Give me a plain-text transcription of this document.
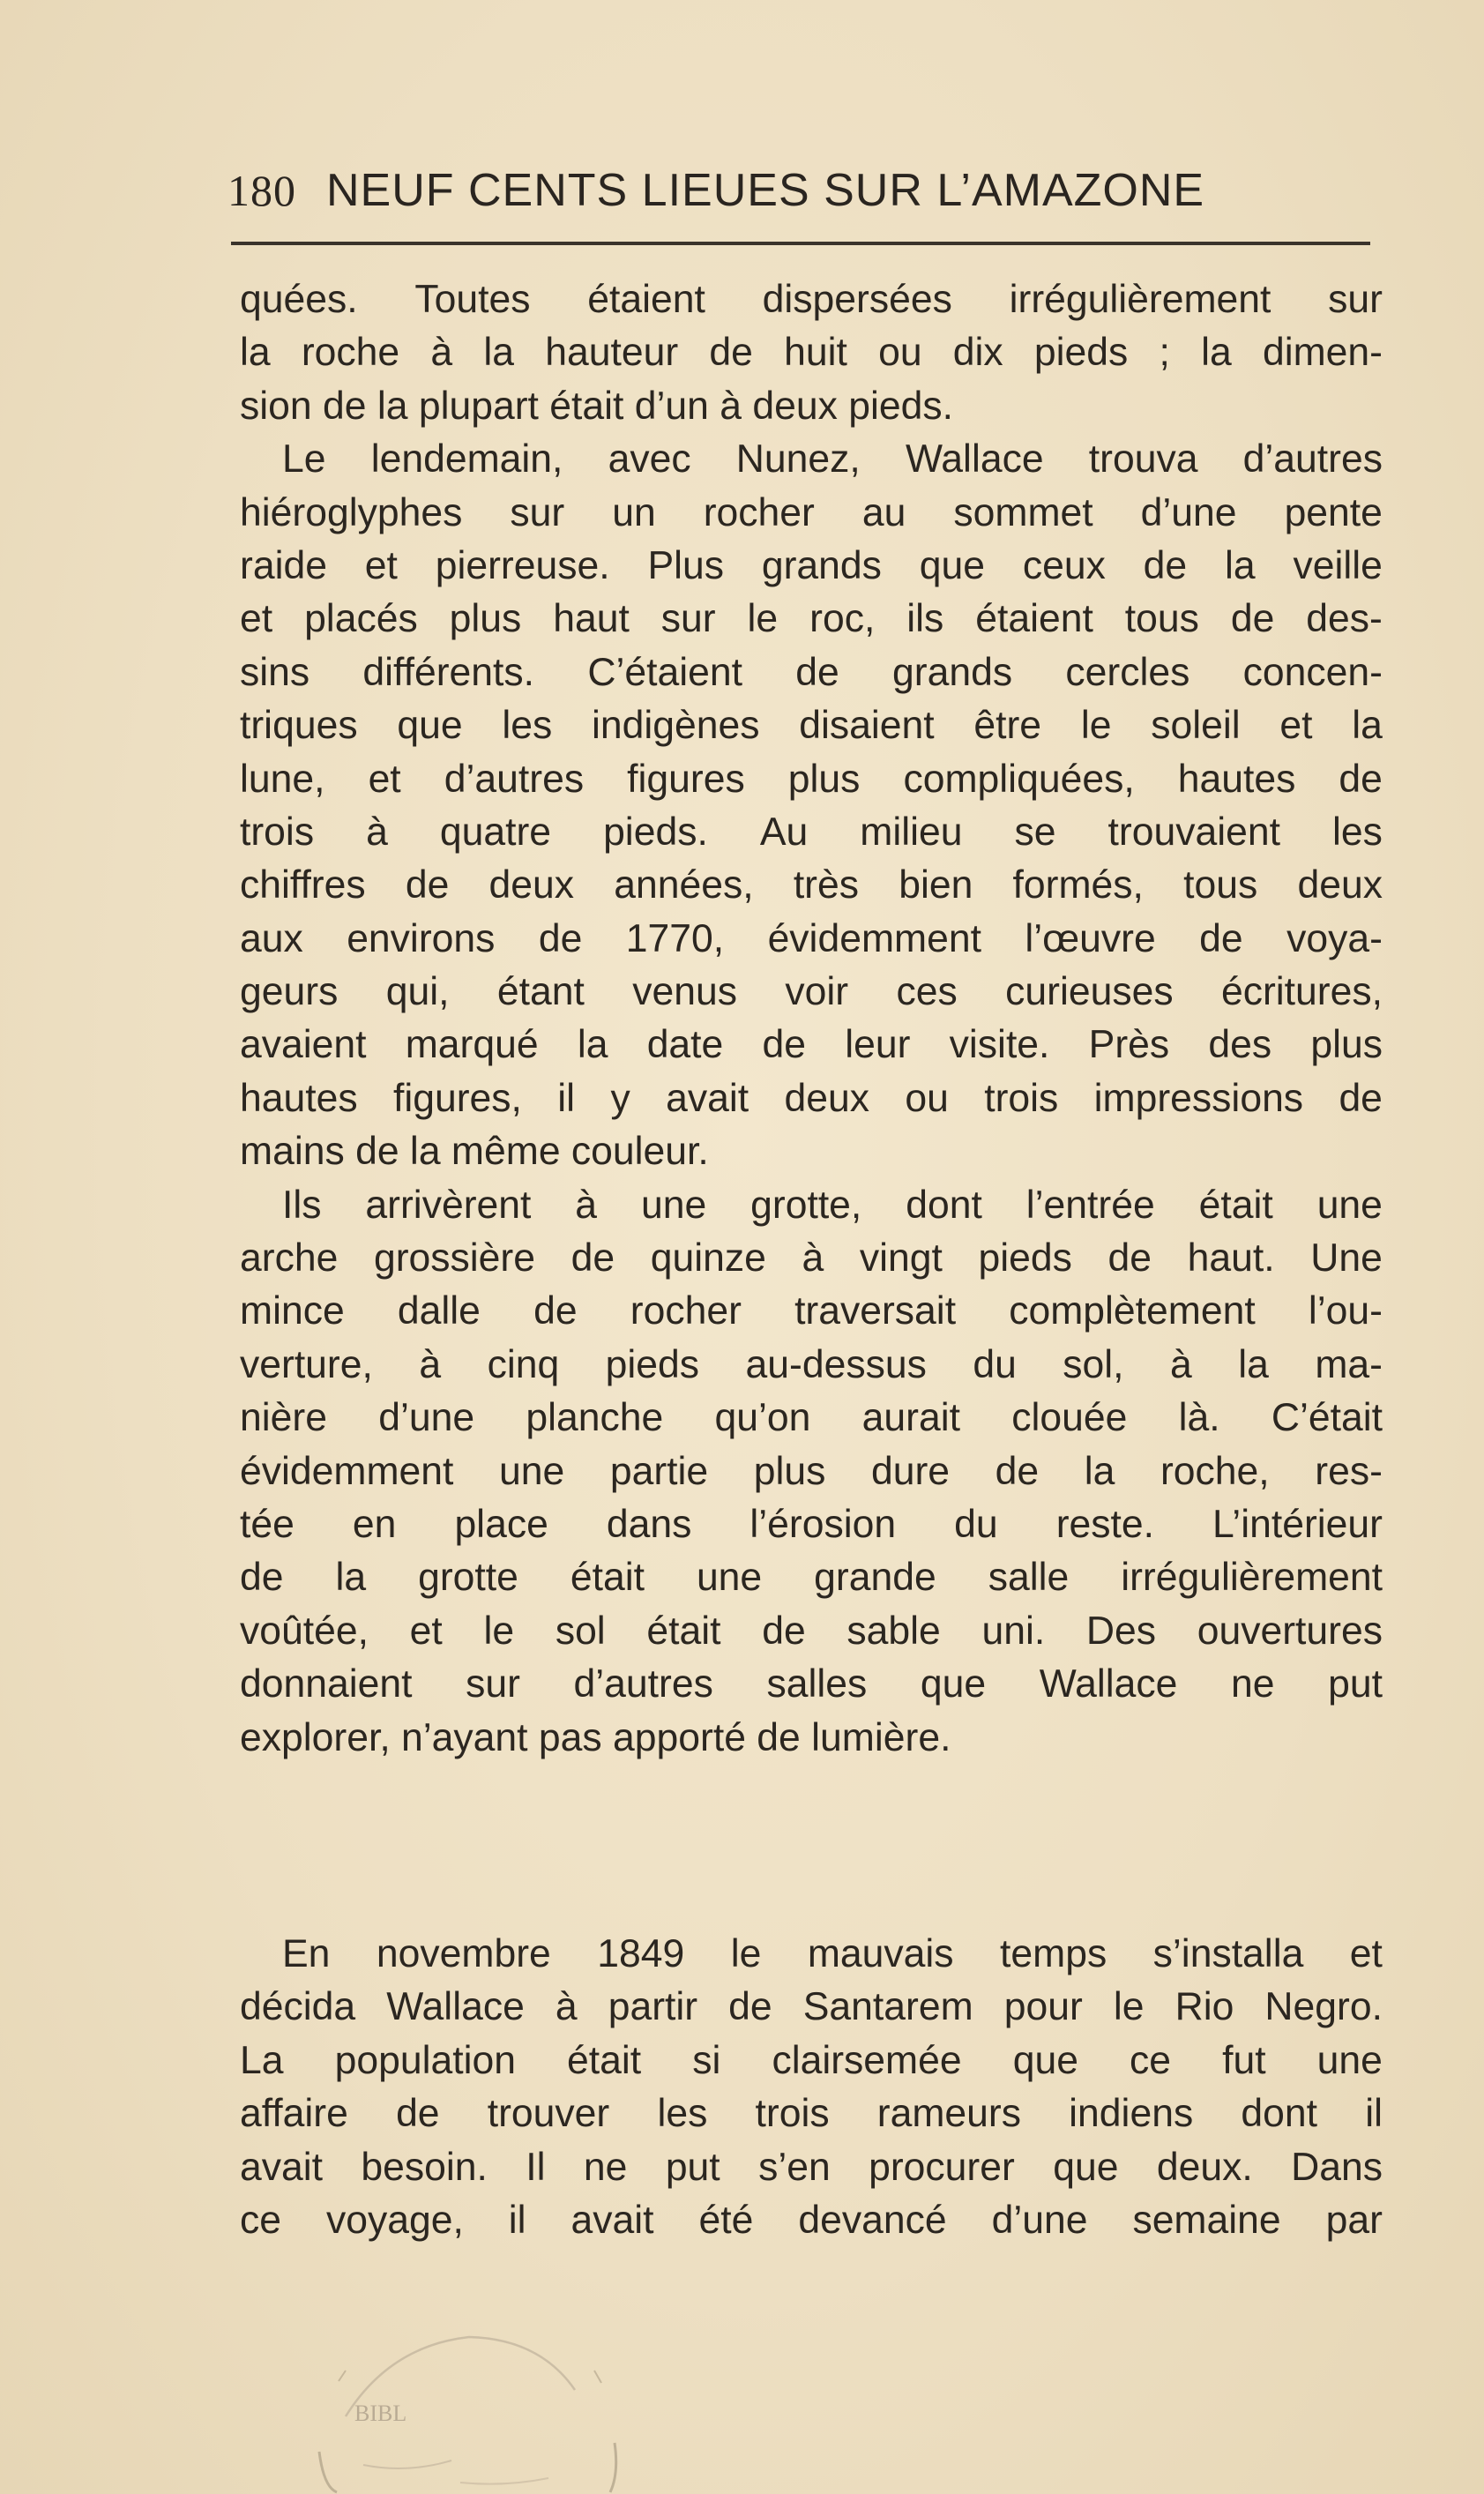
180 NEUF CENTS LIEUES SUR L’AMAZONE
quées. Toutes étaient dispersées irrégulièrement sur
la roche à la hauteur de huit ou dix pieds ; la dimen-
sion de la plupart était d’un à deux pieds.
Le lendemain, avec Nunez, Wallace trouva d’autres
hiéroglyphes sur un rocher au sommet d’une pente
raide et pierreuse. Plus grands que ceux de la veille
et placés plus haut sur le roc, ils étaient tous de des-
sins différents. C’étaient de grands cercles concen-
triques que les indigènes disaient être le soleil et la
lune, et d’autres figures plus compliquées, hautes de
trois à quatre pieds. Au milieu se trouvaient les
chiffres de deux années, très bien formés, tous deux
aux environs de 1770, évidemment l’œuvre de voya-
geurs qui, étant venus voir ces curieuses écritures,
avaient marqué la date de leur visite. Près des plus
hautes figures, il y avait deux ou trois impressions de
mains de la même couleur.
Ils arrivèrent à une grotte, dont l’entrée était une
arche grossière de quinze à vingt pieds de haut. Une
mince dalle de rocher traversait complètement l’ou-
verture, à cinq pieds au-dessus du sol, à la ma-
nière d’une planche qu’on aurait clouée là. C’était
évidemment une partie plus dure de la roche, res-
tée en place dans l’érosion du reste. L’intérieur
de la grotte était une grande salle irrégulièrement
voûtée, et le sol était de sable uni. Des ouvertures
donnaient sur d’autres salles que Wallace ne put
explorer, n’ayant pas apporté de lumière.
En novembre 1849 le mauvais temps s’installa et
décida Wallace à partir de Santarem pour le Rio Negro.
La population était si clairsemée que ce fut une
affaire de trouver les trois rameurs indiens dont il
avait besoin. Il ne put s’en procurer que deux. Dans
ce voyage, il avait été devancé d’une semaine par
BIBL
